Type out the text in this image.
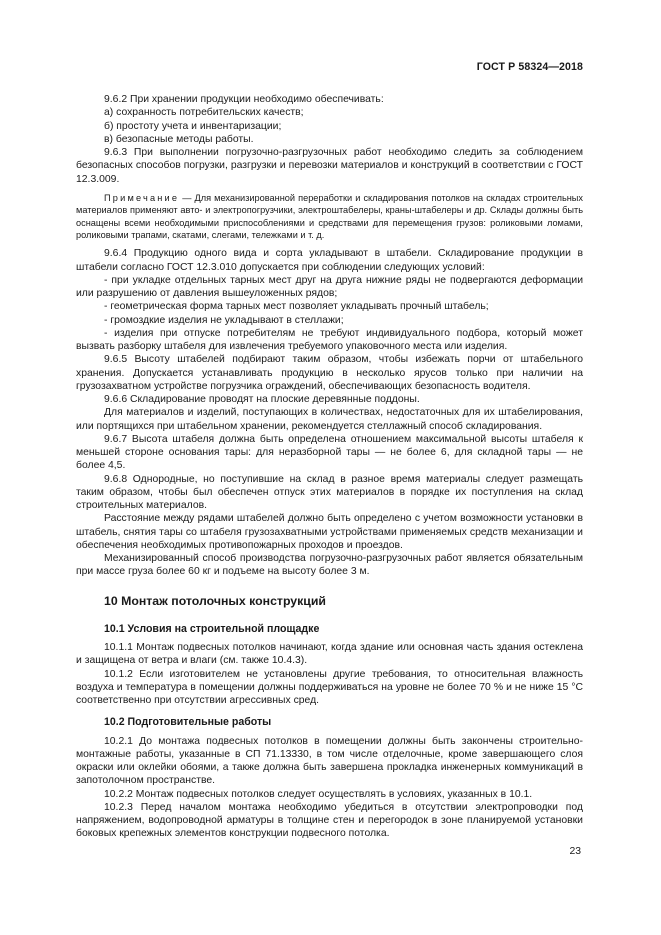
ГОСТ Р 58324—2018

9.6.2 При хранении продукции необходимо обеспечивать:

а) сохранность потребительских качеств;

б) простоту учета и инвентаризации;

в) безопасные методы работы.

9.6.3 При выполнении погрузочно-разгрузочных работ необходимо следить за соблюдением безопасных способов погрузки, разгрузки и перевозки материалов и конструкций в соответствии с ГОСТ 12.3.009.

Примечание — Для механизированной переработки и складирования потолков на складах строительных материалов применяют авто- и электропогрузчики, электроштабелеры, краны-штабелеры и др. Склады должны быть оснащены всеми необходимыми приспособлениями и средствами для перемещения грузов: роликовыми ломами, роликовыми трапами, скатами, слегами, тележками и т. д.

9.6.4 Продукцию одного вида и сорта укладывают в штабели. Складирование продукции в штабели согласно ГОСТ 12.3.010 допускается при соблюдении следующих условий:

- при укладке отдельных тарных мест друг на друга нижние ряды не подвергаются деформации или разрушению от давления вышеуложенных рядов;

- геометрическая форма тарных мест позволяет укладывать прочный штабель;

- громоздкие изделия не укладывают в стеллажи;

- изделия при отпуске потребителям не требуют индивидуального подбора, который может вызвать разборку штабеля для извлечения требуемого упаковочного места или изделия.

9.6.5 Высоту штабелей подбирают таким образом, чтобы избежать порчи от штабельного хранения. Допускается устанавливать продукцию в несколько ярусов только при наличии на грузозахватном устройстве погрузчика ограждений, обеспечивающих безопасность водителя.

9.6.6 Складирование проводят на плоские деревянные поддоны.

Для материалов и изделий, поступающих в количествах, недостаточных для их штабелирования, или портящихся при штабельном хранении, рекомендуется стеллажный способ складирования.

9.6.7 Высота штабеля должна быть определена отношением максимальной высоты штабеля к меньшей стороне основания тары: для неразборной тары — не более 6, для складной тары — не более 4,5.

9.6.8 Однородные, но поступившие на склад в разное время материалы следует размещать таким образом, чтобы был обеспечен отпуск этих материалов в порядке их поступления на склад строительных материалов.

Расстояние между рядами штабелей должно быть определено с учетом возможности установки в штабель, снятия тары со штабеля грузозахватными устройствами применяемых средств механизации и обеспечения необходимых противопожарных проходов и проездов.

Механизированный способ производства погрузочно-разгрузочных работ является обязательным при массе груза более 60 кг и подъеме на высоту более 3 м.

10 Монтаж потолочных конструкций
10.1 Условия на строительной площадке

10.1.1 Монтаж подвесных потолков начинают, когда здание или основная часть здания остеклена и защищена от ветра и влаги (см. также 10.4.3).

10.1.2 Если изготовителем не установлены другие требования, то относительная влажность воздуха и температура в помещении должны поддерживаться на уровне не более 70 % и не ниже 15 °С соответственно при отсутствии агрессивных сред.

10.2 Подготовительные работы

10.2.1 До монтажа подвесных потолков в помещении должны быть закончены строительно-монтажные работы, указанные в СП 71.13330, в том числе отделочные, кроме завершающего слоя окраски или оклейки обоями, а также должна быть завершена прокладка инженерных коммуникаций в запотолочном пространстве.

10.2.2 Монтаж подвесных потолков следует осуществлять в условиях, указанных в 10.1.

10.2.3 Перед началом монтажа необходимо убедиться в отсутствии электропроводки под напряжением, водопроводной арматуры в толщине стен и перегородок в зоне планируемой установки боковых крепежных элементов конструкции подвесного потолка.

23
